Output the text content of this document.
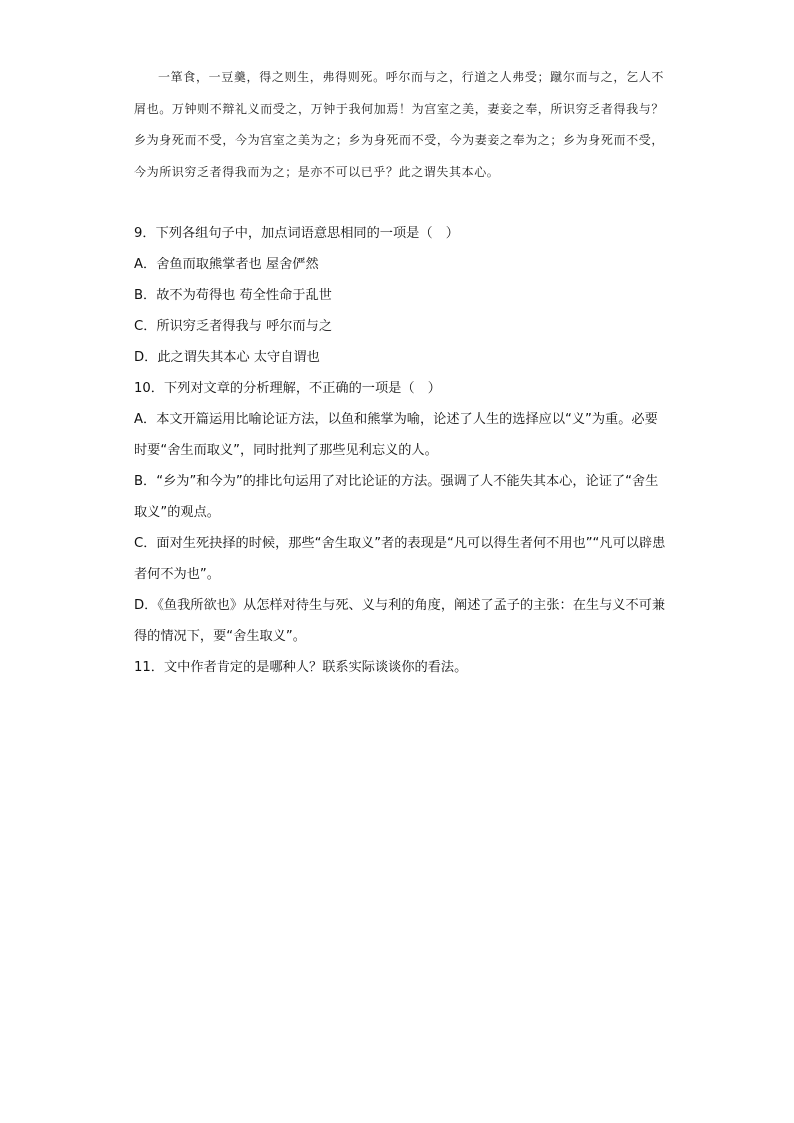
一箪食，一豆羹，得之则生，弗得则死。呼尔而与之，行道之人弗受；蹴尔而与之，乞人不屑也。万钟则不辩礼义而受之，万钟于我何加焉！为宫室之美，妻妾之奉，所识穷乏者得我与？乡为身死而不受，今为宫室之美为之；乡为身死而不受，今为妻妾之奉为之；乡为身死而不受，今为所识穷乏者得我而为之；是亦不可以已乎？此之谓失其本心。

9．下列各组句子中，加点词语意思相同的一项是（　）

A．舍鱼而取熊掌者也 屋舍俨然

B．故不为苟得也 苟全性命于乱世

C．所识穷乏者得我与 呼尔而与之

D．此之谓失其本心 太守自谓也

10．下列对文章的分析理解，不正确的一项是（　）

A．本文开篇运用比喻论证方法，以鱼和熊掌为喻，论述了人生的选择应以“义”为重。必要时要“舍生而取义”，同时批判了那些见利忘义的人。

B．“乡为”和今为”的排比句运用了对比论证的方法。强调了人不能失其本心，论证了“舍生取义”的观点。

C．面对生死抉择的时候，那些“舍生取义”者的表现是“凡可以得生者何不用也”“凡可以辟患者何不为也”。

D．《鱼我所欲也》从怎样对待生与死、义与利的角度，阐述了孟子的主张：在生与义不可兼得的情况下，要“舍生取义”。

11．文中作者肯定的是哪种人？联系实际谈谈你的看法。
